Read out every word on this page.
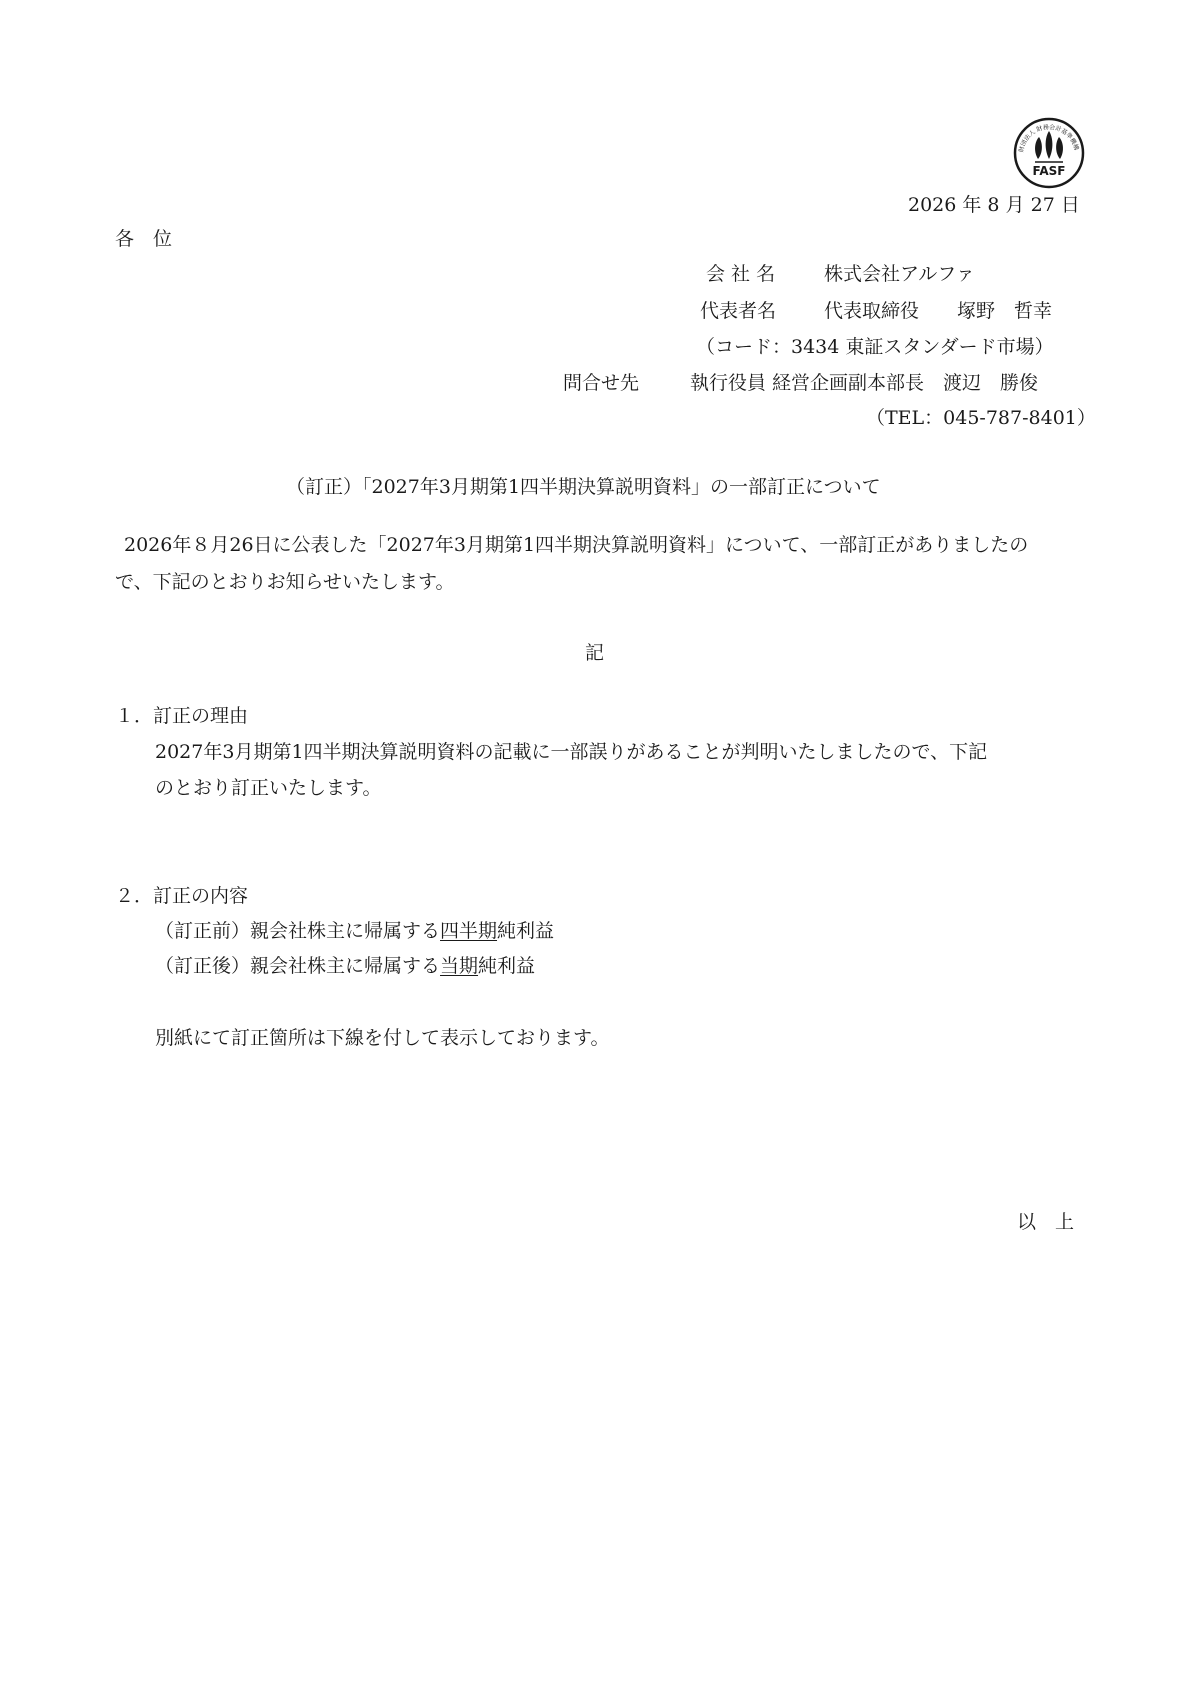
財団法人 財務会計基準機構
FASF
2026 年 8 月 27 日
各　位
会 社 名	株式会社アルファ
代表者名	代表取締役　　塚野　哲幸
（コード：3434 東証スタンダード市場）
問合せ先	執行役員 経営企画副本部長　渡辺　勝俊
（TEL：045-787-8401）
（訂正）「2027年3月期第1四半期決算説明資料」の一部訂正について
2026年８月26日に公表した「2027年3月期第1四半期決算説明資料」について、一部訂正がありましたの
で、下記のとおりお知らせいたします。
記
１．訂正の理由
2027年3月期第1四半期決算説明資料の記載に一部誤りがあることが判明いたしましたので、下記
のとおり訂正いたします。
２．訂正の内容
（訂正前）親会社株主に帰属する四半期純利益
（訂正後）親会社株主に帰属する当期純利益
別紙にて訂正箇所は下線を付して表示しております。
以　上
